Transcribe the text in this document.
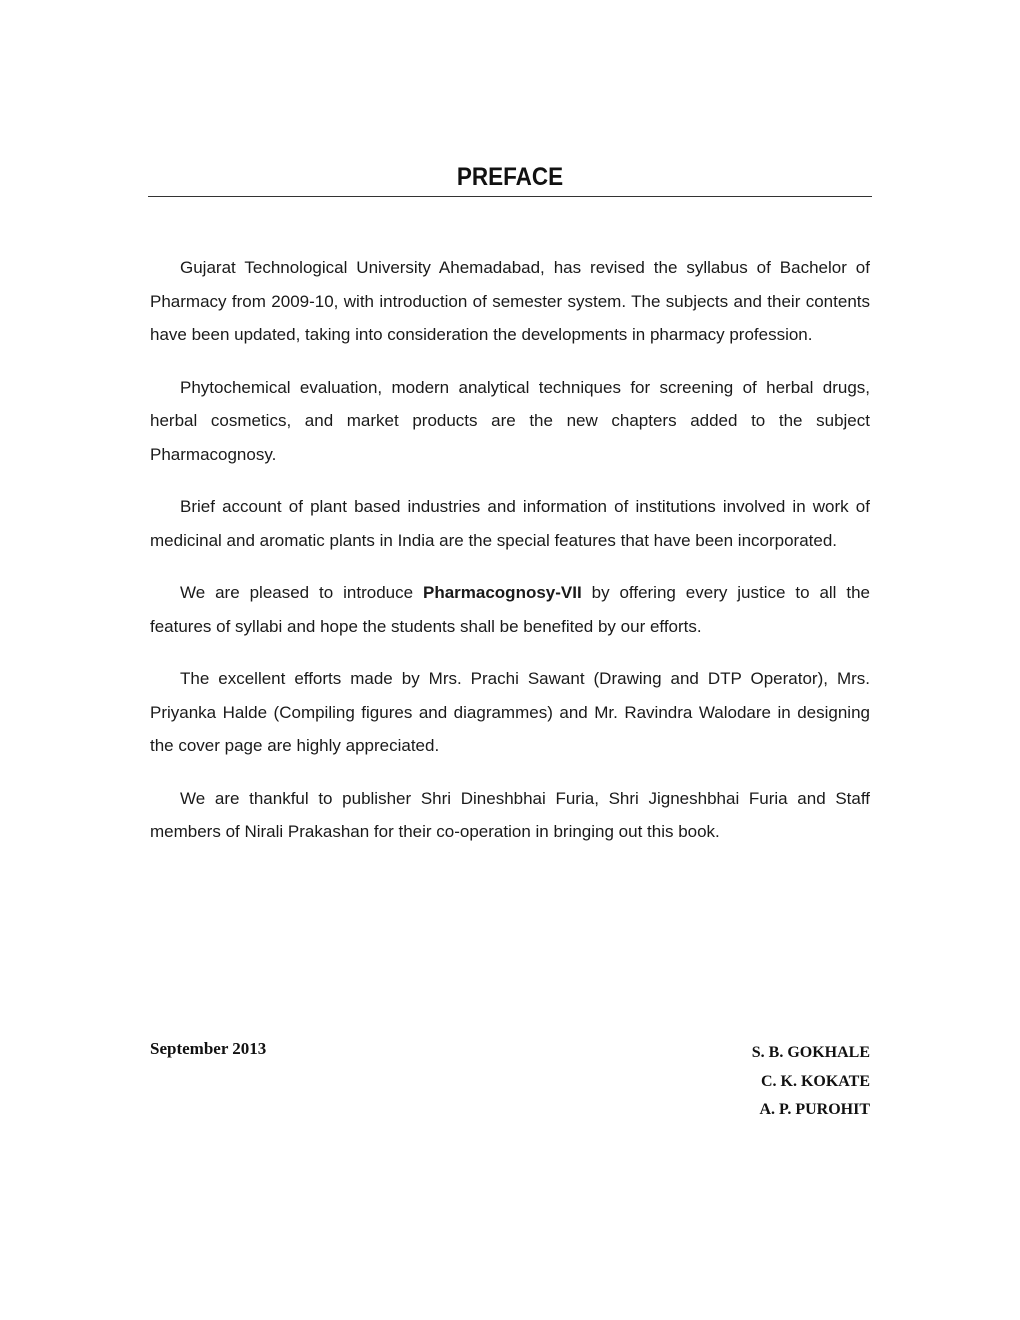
PREFACE

Gujarat Technological University Ahemadabad, has revised the syllabus of Bachelor of Pharmacy from 2009-10, with introduction of semester system. The subjects and their contents have been updated, taking into consideration the developments in pharmacy profession.

Phytochemical evaluation, modern analytical techniques for screening of herbal drugs, herbal cosmetics, and market products are the new chapters added to the subject Pharmacognosy.

Brief account of plant based industries and information of institutions involved in work of medicinal and aromatic plants in India are the special features that have been incorporated.

We are pleased to introduce Pharmacognosy-VII by offering every justice to all the features of syllabi and hope the students shall be benefited by our efforts.

The excellent efforts made by Mrs. Prachi Sawant (Drawing and DTP Operator), Mrs. Priyanka Halde (Compiling figures and diagrammes) and Mr. Ravindra Walodare in designing the cover page are highly appreciated.

We are thankful to publisher Shri Dineshbhai Furia, Shri Jigneshbhai Furia and Staff members of Nirali Prakashan for their co-operation in bringing out this book.

September 2013	S. B. GOKHALE
C. K. KOKATE
A. P. PUROHIT
